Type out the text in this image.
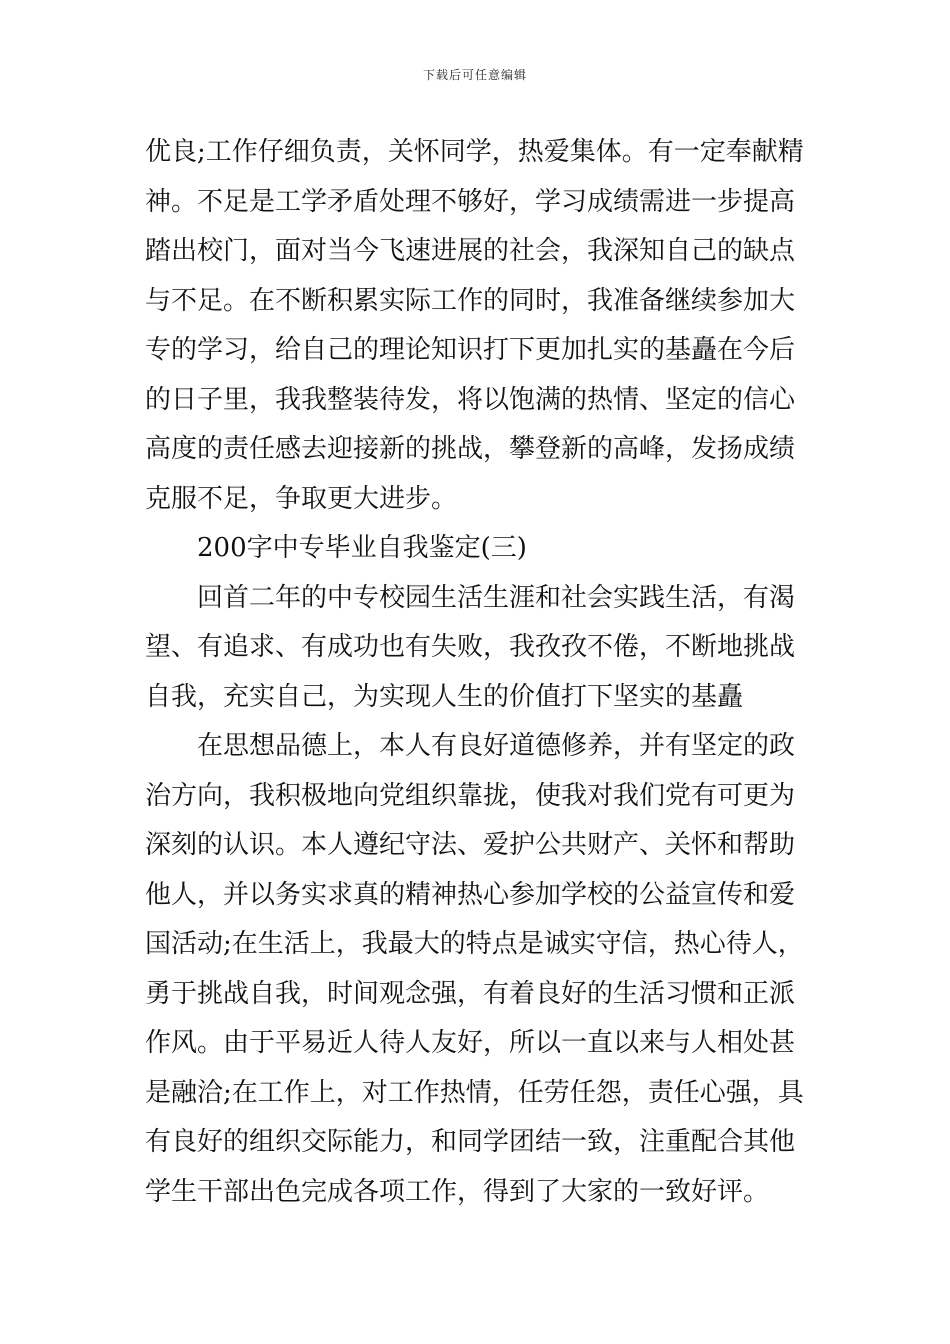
下载后可任意编辑
优良;工作仔细负责，关怀同学，热爱集体。有一定奉献精
神。不足是工学矛盾处理不够好，学习成绩需进一步提高
踏出校门，面对当今飞速进展的社会，我深知自己的缺点
与不足。在不断积累实际工作的同时，我准备继续参加大
专的学习，给自己的理论知识打下更加扎实的基矗在今后
的日子里，我我整装待发，将以饱满的热情、坚定的信心
高度的责任感去迎接新的挑战，攀登新的高峰，发扬成绩
克服不足，争取更大进步。
200字中专毕业自我鉴定(三)
回首二年的中专校园生活生涯和社会实践生活，有渴
望、有追求、有成功也有失败，我孜孜不倦，不断地挑战
自我，充实自己，为实现人生的价值打下坚实的基矗
在思想品德上，本人有良好道德修养，并有坚定的政
治方向，我积极地向党组织靠拢，使我对我们党有可更为
深刻的认识。本人遵纪守法、爱护公共财产、关怀和帮助
他人，并以务实求真的精神热心参加学校的公益宣传和爱
国活动;在生活上，我最大的特点是诚实守信，热心待人，
勇于挑战自我，时间观念强，有着良好的生活习惯和正派
作风。由于平易近人待人友好，所以一直以来与人相处甚
是融洽;在工作上，对工作热情，任劳任怨，责任心强，具
有良好的组织交际能力，和同学团结一致，注重配合其他
学生干部出色完成各项工作，得到了大家的一致好评。
